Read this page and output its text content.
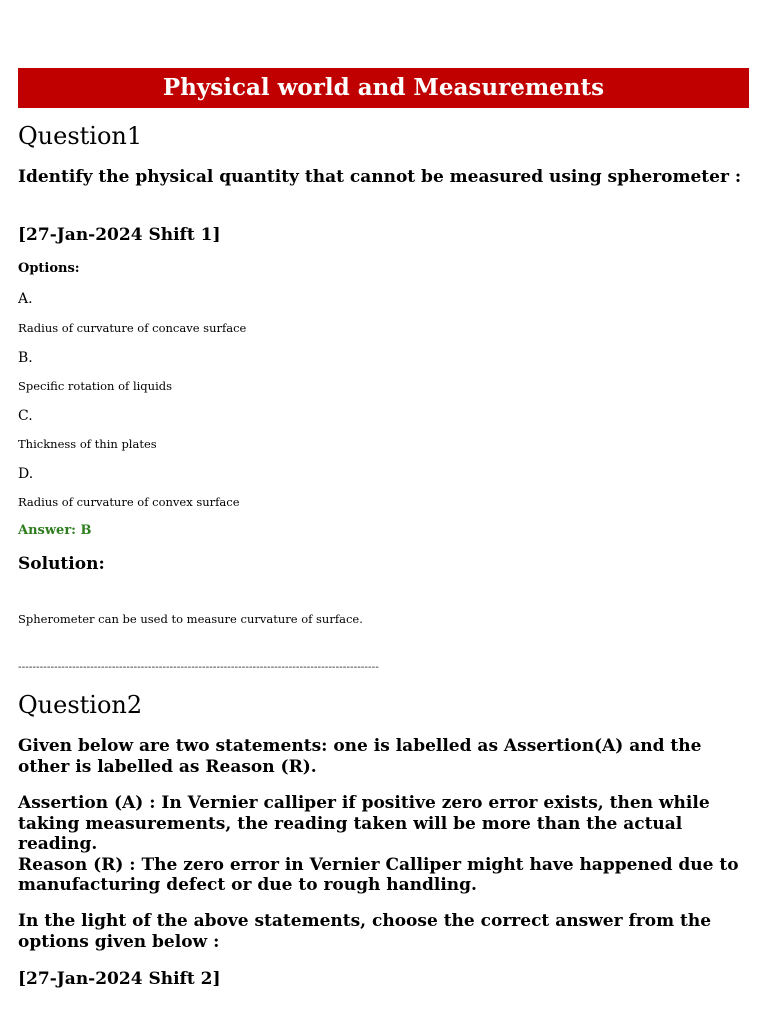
Physical world and Measurements
Question1
Identify the physical quantity that cannot be measured using spherometer :
[27-Jan-2024 Shift 1]
Options:
A.
Radius of curvature of concave surface
B.
Specific rotation of liquids
C.
Thickness of thin plates
D.
Radius of curvature of convex surface
Answer: B
Solution:
Spherometer can be used to measure curvature of surface.
----------------------------------------------------------------------------------------------------
Question2
Given below are two statements: one is labelled as Assertion(A) and the other is labelled as Reason (R).
Assertion (A) : In Vernier calliper if positive zero error exists, then while taking measurements, the reading taken will be more than the actual reading.
Reason (R) : The zero error in Vernier Calliper might have happened due to manufacturing defect or due to rough handling.
In the light of the above statements, choose the correct answer from the options given below :
[27-Jan-2024 Shift 2]
